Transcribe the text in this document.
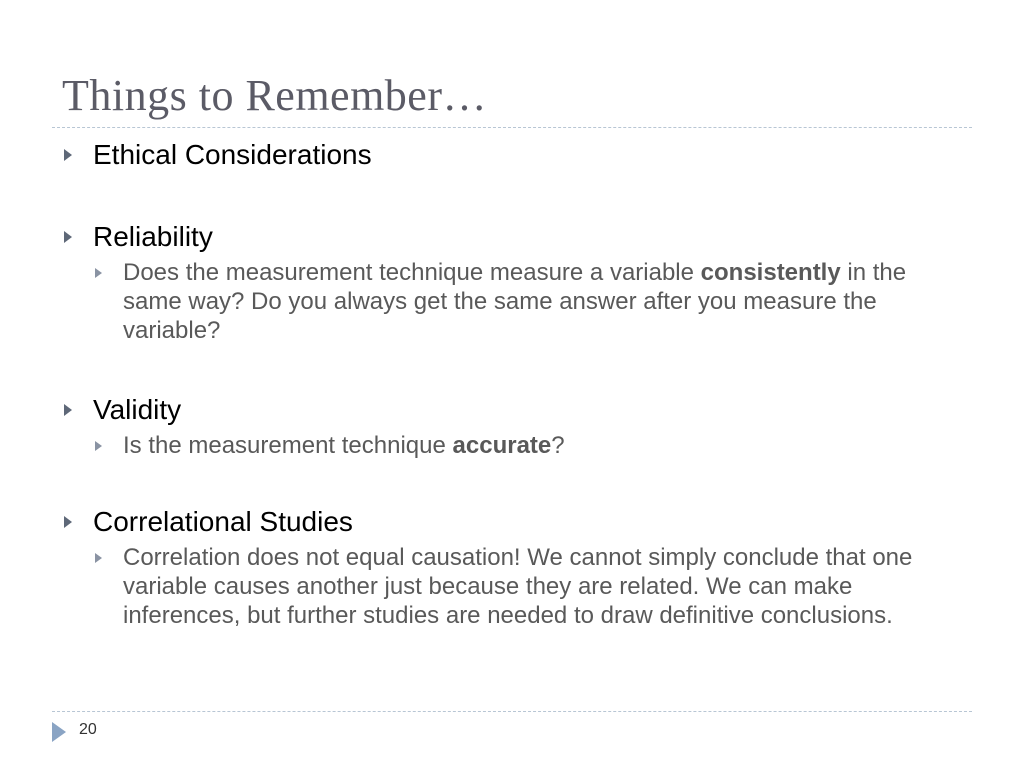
Things to Remember…
Ethical Considerations
Reliability
Does the measurement technique measure a variable consistently in the same way? Do you always get the same answer after you measure the variable?
Validity
Is the measurement technique accurate?
Correlational Studies
Correlation does not equal causation! We cannot simply conclude that one variable causes another just because they are related. We can make inferences, but further studies are needed to draw definitive conclusions.
20
